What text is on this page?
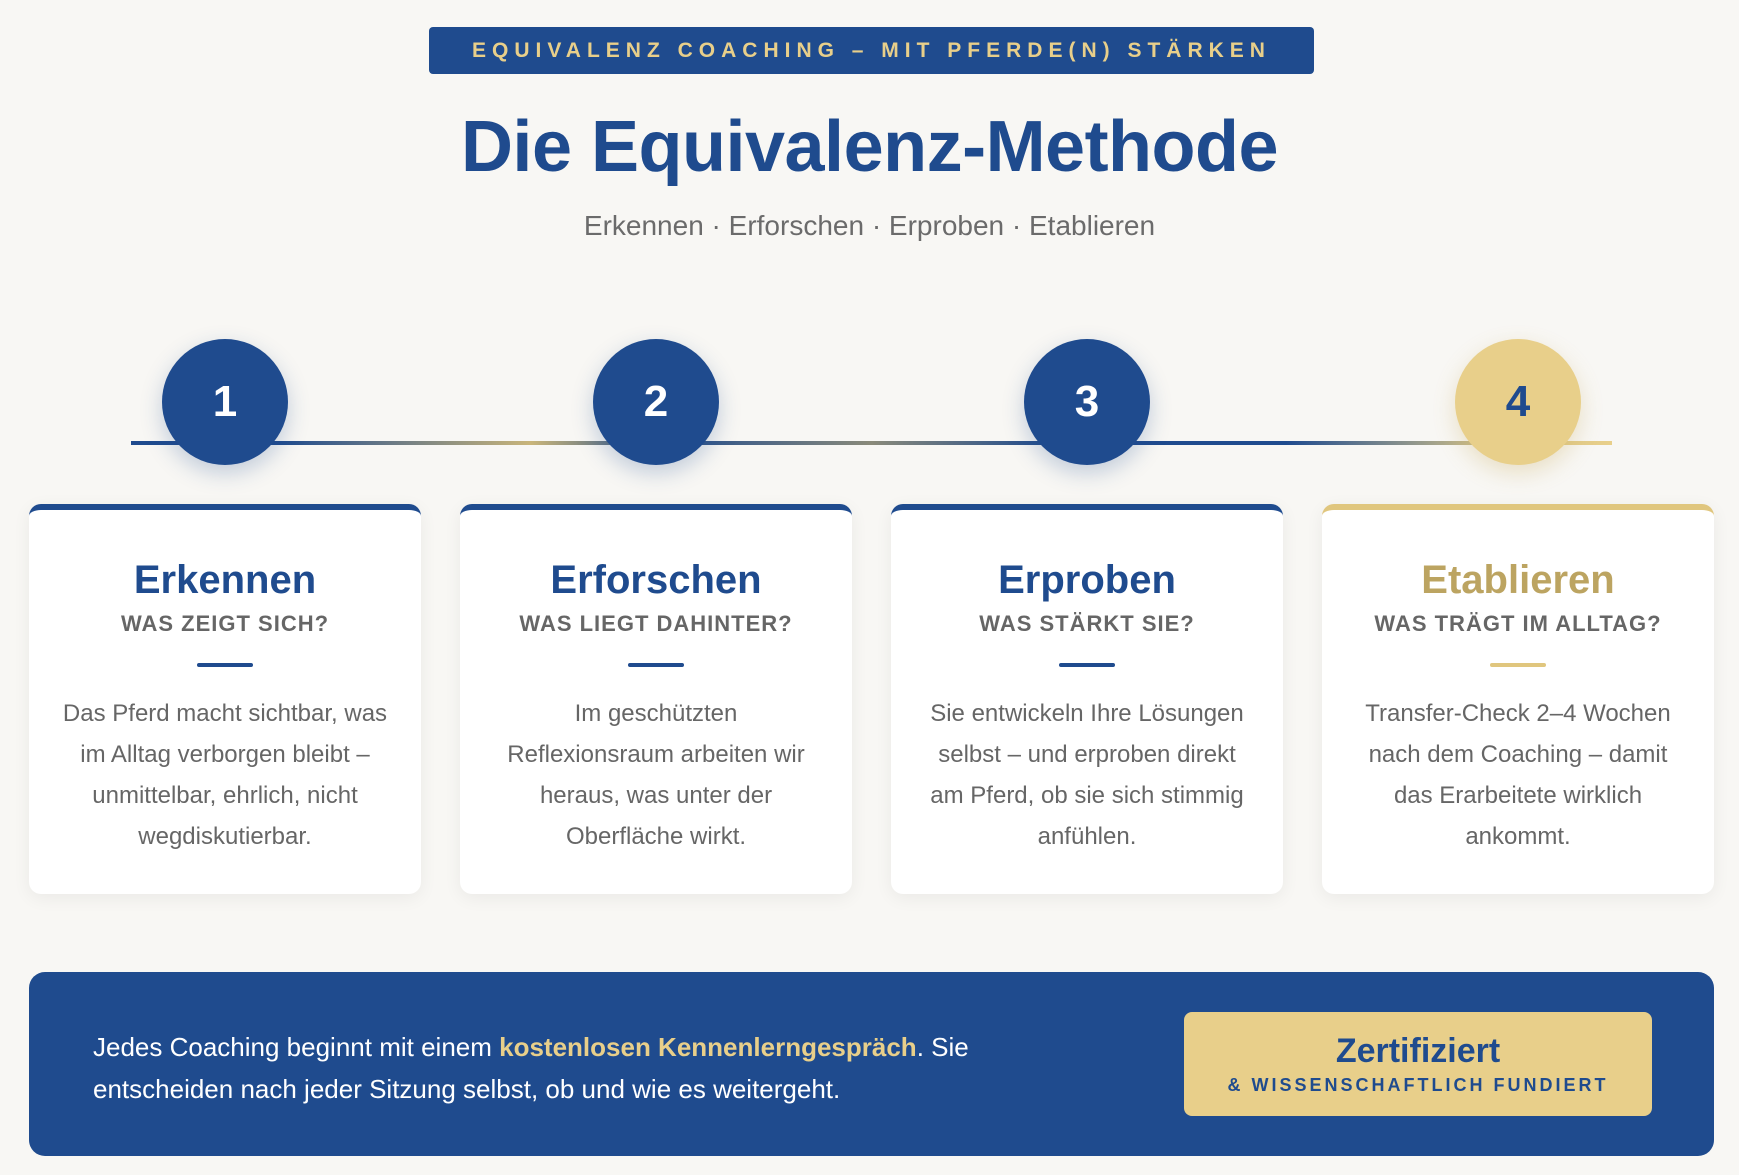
EQUIVALENZ COACHING – MIT PFERDE(N) STÄRKEN
Die Equivalenz-Methode
Erkennen · Erforschen · Erproben · Etablieren
1	2	3	4
Erkennen
WAS ZEIGT SICH?
Das Pferd macht sichtbar, was im Alltag verborgen bleibt – unmittelbar, ehrlich, nicht wegdiskutierbar.
Erforschen
WAS LIEGT DAHINTER?
Im geschützten Reflexionsraum arbeiten wir heraus, was unter der Oberfläche wirkt.
Erproben
WAS STÄRKT SIE?
Sie entwickeln Ihre Lösungen selbst – und erproben direkt am Pferd, ob sie sich stimmig anfühlen.
Etablieren
WAS TRÄGT IM ALLTAG?
Transfer-Check 2–4 Wochen nach dem Coaching – damit das Erarbeitete wirklich ankommt.

Jedes Coaching beginnt mit einem kostenlosen Kennenlerngespräch. Sie entscheiden nach jeder Sitzung selbst, ob und wie es weitergeht.

Zertifiziert
& WISSENSCHAFTLICH FUNDIERT
